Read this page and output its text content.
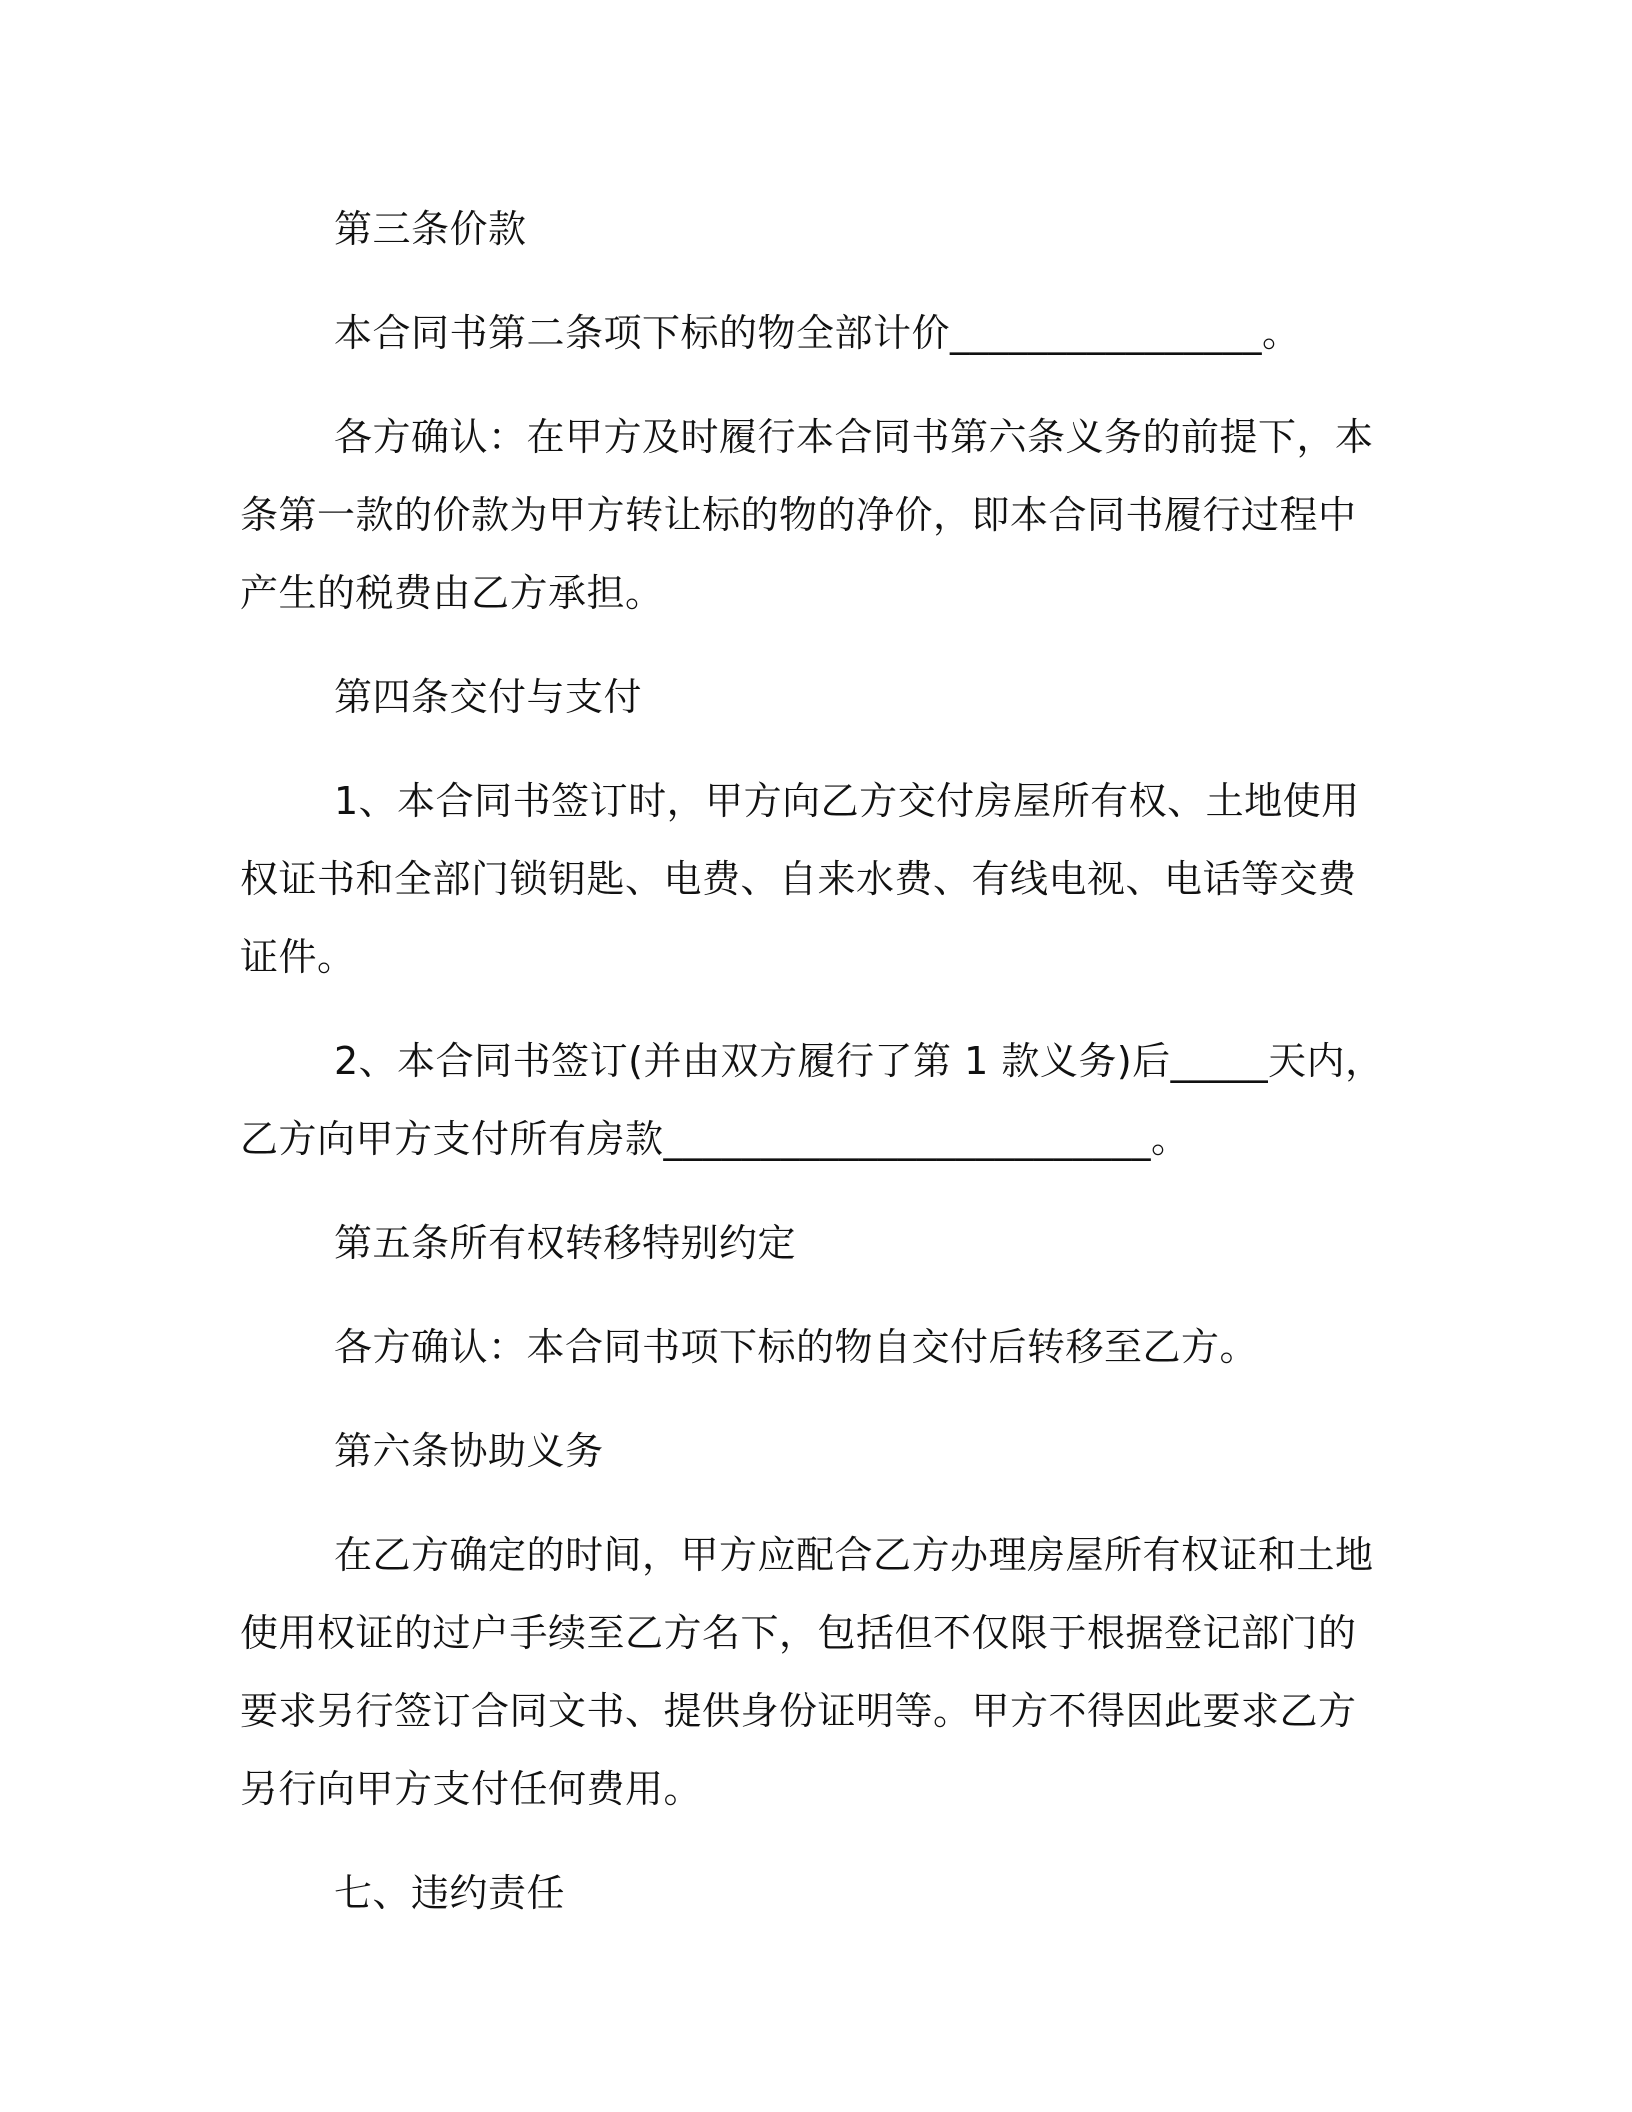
第三条价款

本合同书第二条项下标的物全部计价________________。

各方确认：在甲方及时履行本合同书第六条义务的前提下，本条第一款的价款为甲方转让标的物的净价，即本合同书履行过程中产生的税费由乙方承担。

第四条交付与支付

1、本合同书签订时，甲方向乙方交付房屋所有权、土地使用权证书和全部门锁钥匙、电费、自来水费、有线电视、电话等交费证件。

2、本合同书签订(并由双方履行了第 1 款义务)后_____天内，乙方向甲方支付所有房款_________________________。

第五条所有权转移特别约定

各方确认：本合同书项下标的物自交付后转移至乙方。

第六条协助义务

在乙方确定的时间，甲方应配合乙方办理房屋所有权证和土地使用权证的过户手续至乙方名下，包括但不仅限于根据登记部门的要求另行签订合同文书、提供身份证明等。甲方不得因此要求乙方另行向甲方支付任何费用。

七、违约责任
